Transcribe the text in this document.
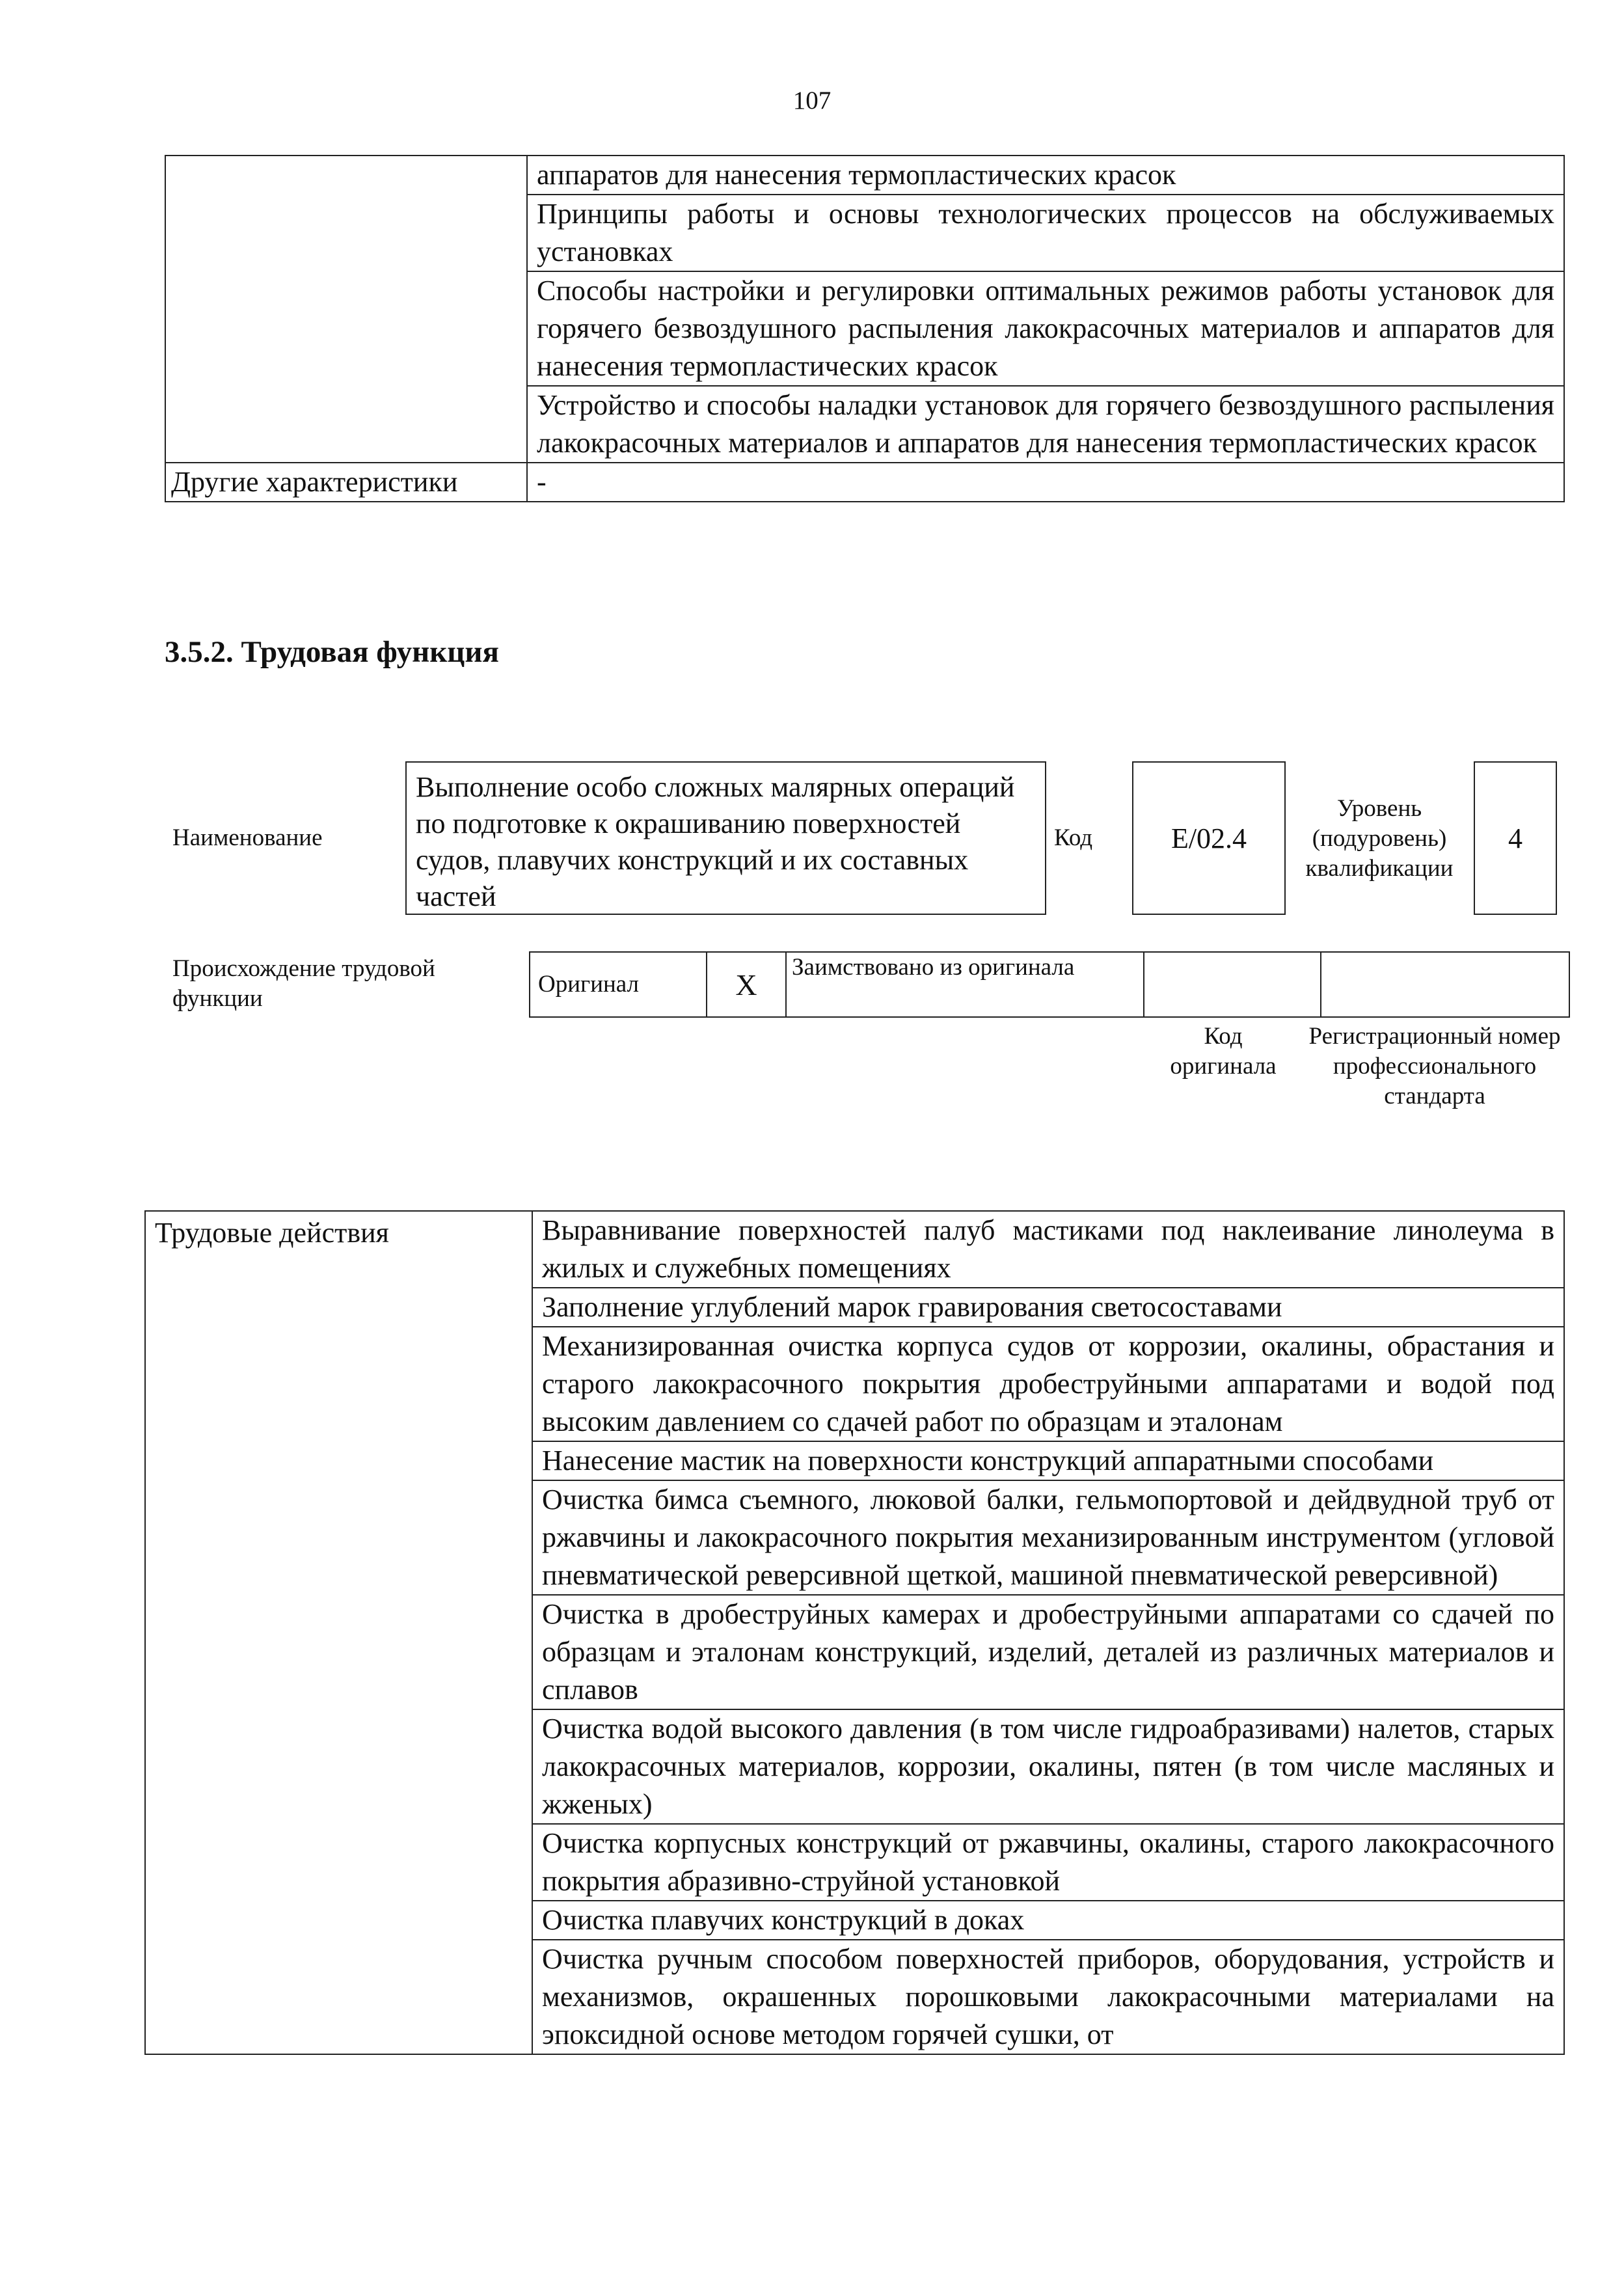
107

	аппаратов для нанесения термопластических красок

	Принципы работы и основы технологических процессов на обслуживаемых установках

	Способы настройки и регулировки оптимальных режимов работы установок для горячего безвоздушного распыления лакокрасочных материалов и аппаратов для нанесения термопластических красок

	Устройство и способы наладки установок для горячего безвоздушного распыления лакокрасочных материалов и аппаратов для нанесения термопластических красок

Другие характеристики	-
3.5.2. Трудовая функция
Наименование
Выполнение особо сложных малярных операций по подготовке к окрашиванию поверхностей судов, плавучих конструкций и их составных частей
Код	E/02.4
Уровень (подуровень) квалификации
4
Происхождение трудовой функции
Оригинал	X	Заимствовано из оригинала		
Код оригинала
Регистрационный номер профессионального стандарта
Трудовые действия	Выравнивание поверхностей палуб мастиками под наклеивание линолеума в жилых и служебных помещениях

Заполнение углублений марок гравирования светосоставами

Механизированная очистка корпуса судов от коррозии, окалины, обрастания и старого лакокрасочного покрытия дробеструйными аппаратами и водой под высоким давлением со сдачей работ по образцам и эталонам

Нанесение мастик на поверхности конструкций аппаратными способами

Очистка бимса съемного, люковой балки, гельмопортовой и дейдвудной труб от ржавчины и лакокрасочного покрытия механизированным инструментом (угловой пневматической реверсивной щеткой, машиной пневматической реверсивной)

Очистка в дробеструйных камерах и дробеструйными аппаратами со сдачей по образцам и эталонам конструкций, изделий, деталей из различных материалов и сплавов

Очистка водой высокого давления (в том числе гидроабразивами) налетов, старых лакокрасочных материалов, коррозии, окалины, пятен (в том числе масляных и жженых)

Очистка корпусных конструкций от ржавчины, окалины, старого лакокрасочного покрытия абразивно-струйной установкой

Очистка плавучих конструкций в доках

Очистка ручным способом поверхностей приборов, оборудования, устройств и механизмов, окрашенных порошковыми лакокрасочными материалами на эпоксидной основе методом горячей сушки, от
